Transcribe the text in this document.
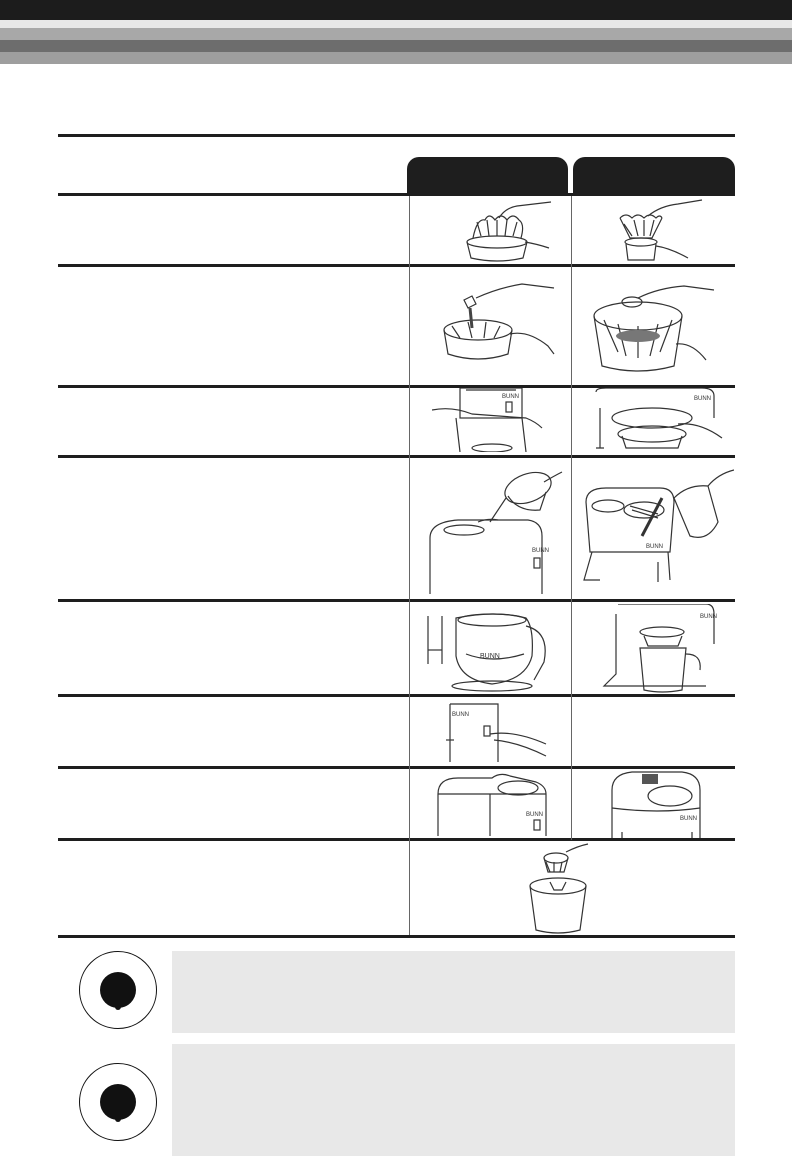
BUNN	BUNN
BUNN
BUNN
BUNN
BUNN
BUNN
BUNN
BUNN
